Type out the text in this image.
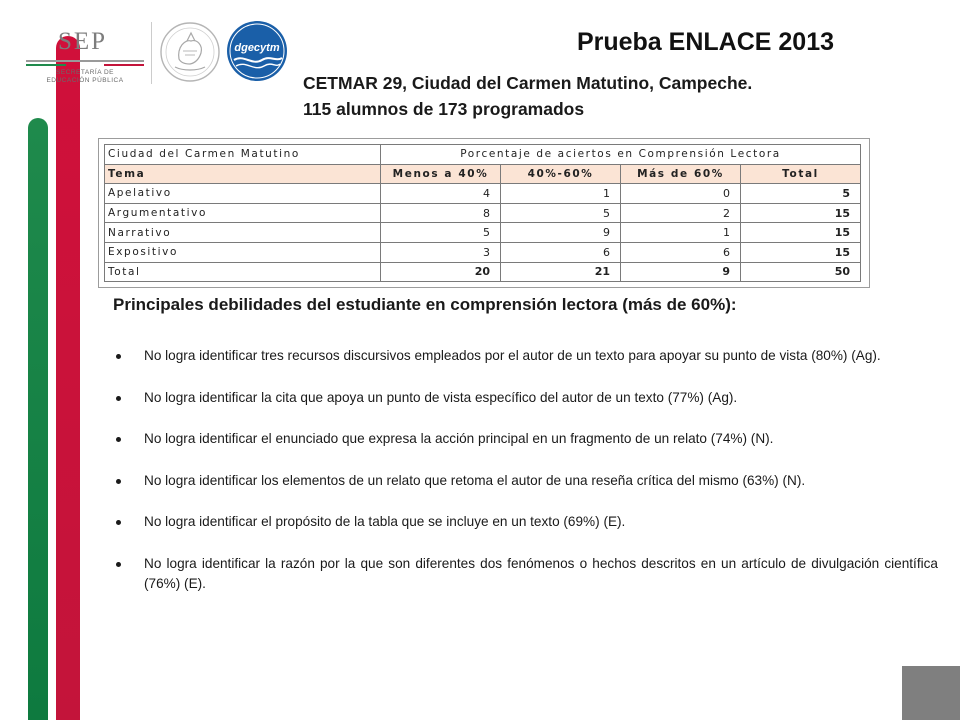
SEP
SECRETARÍA DE
EDUCACIÓN PÚBLICA
dgecytm	Prueba ENLACE 2013
CETMAR 29, Ciudad del Carmen Matutino, Campeche.
115 alumnos de 173 programados
Ciudad del Carmen Matutino	Porcentaje de aciertos en Comprensión Lectora			
Tema	Menos a 40%	40%-60%	Más de 60%	Total
Apelativo	4	1	0	5
Argumentativo	8	5	2	15
Narrativo	5	9	1	15
Expositivo	3	6	6	15
Total	20	21	9	50
Principales debilidades del estudiante en comprensión lectora (más de 60%):
No logra identificar tres recursos discursivos empleados por el autor de un texto para apoyar su punto de vista (80%) (Ag).
No logra identificar la cita que apoya un punto de vista específico del autor de un texto (77%) (Ag).
No logra identificar el enunciado que expresa la acción principal en un fragmento de un relato (74%) (N).
No logra identificar los elementos de un relato que retoma el autor de una reseña crítica del mismo (63%) (N).
No logra identificar el propósito de la tabla que se incluye en un texto (69%) (E).
No logra identificar la razón por la que son diferentes dos fenómenos o hechos descritos en un artículo de divulgación científica (76%) (E).
